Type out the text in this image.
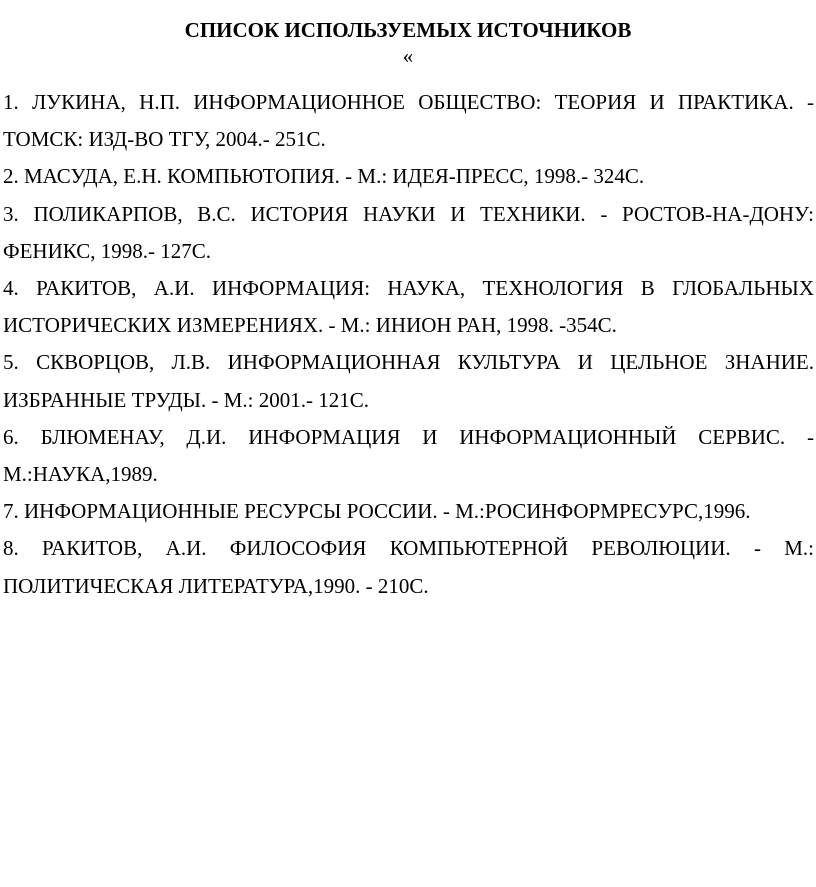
СПИСОК ИСПОЛЬЗУЕМЫХ ИСТОЧНИКОВ
«
1. ЛУКИНА, Н.П. ИНФОРМАЦИОННОЕ ОБЩЕСТВО: ТЕОРИЯ И ПРАКТИКА. - ТОМСК: ИЗД-ВО ТГУ, 2004.- 251С.
2. МАСУДА, Е.Н. КОМПЬЮТОПИЯ. - М.: ИДЕЯ-ПРЕСС, 1998.- 324С.
3. ПОЛИКАРПОВ, В.С. ИСТОРИЯ НАУКИ И ТЕХНИКИ. - РОСТОВ-НА-ДОНУ: ФЕНИКС, 1998.- 127С.
4. РАКИТОВ, А.И. ИНФОРМАЦИЯ: НАУКА, ТЕХНОЛОГИЯ В ГЛОБАЛЬНЫХ ИСТОРИЧЕСКИХ ИЗМЕРЕНИЯХ. - М.: ИНИОН РАН, 1998. -354С.
5. СКВОРЦОВ, Л.В. ИНФОРМАЦИОННАЯ КУЛЬТУРА И ЦЕЛЬНОЕ ЗНАНИЕ. ИЗБРАННЫЕ ТРУДЫ. - М.: 2001.- 121С.
6. БЛЮМЕНАУ, Д.И. ИНФОРМАЦИЯ И ИНФОРМАЦИОННЫЙ СЕРВИС. - М.:НАУКА,1989.
7. ИНФОРМАЦИОННЫЕ РЕСУРСЫ РОССИИ. - М.:РОСИНФОРМРЕСУРС,1996.
8. РАКИТОВ, А.И. ФИЛОСОФИЯ КОМПЬЮТЕРНОЙ РЕВОЛЮЦИИ. - М.: ПОЛИТИЧЕСКАЯ ЛИТЕРАТУРА,1990. - 210С.
